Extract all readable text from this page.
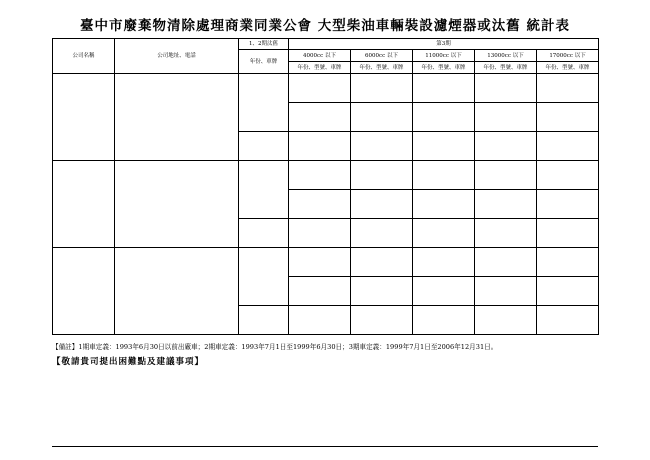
臺中市廢棄物清除處理商業同業公會 大型柴油車輛裝設濾煙器或汰舊 統計表
公司名稱	公司地址、電話	1、2期汰舊	第3期				
		年份、車牌	4000cc 以下	6000cc 以下	11000cc 以下	13000cc 以下	17000cc 以下
			年份、型號、車牌	年份、型號、車牌	年份、型號、車牌	年份、型號、車牌	年份、型號、車牌

【備註】1期車定義：1993年6月30日以前出廠車；2期車定義：1993年7月1日至1999年6月30日；3期車定義：1999年7月1日至2006年12月31日。
【敬請貴司提出困難點及建議事項】
